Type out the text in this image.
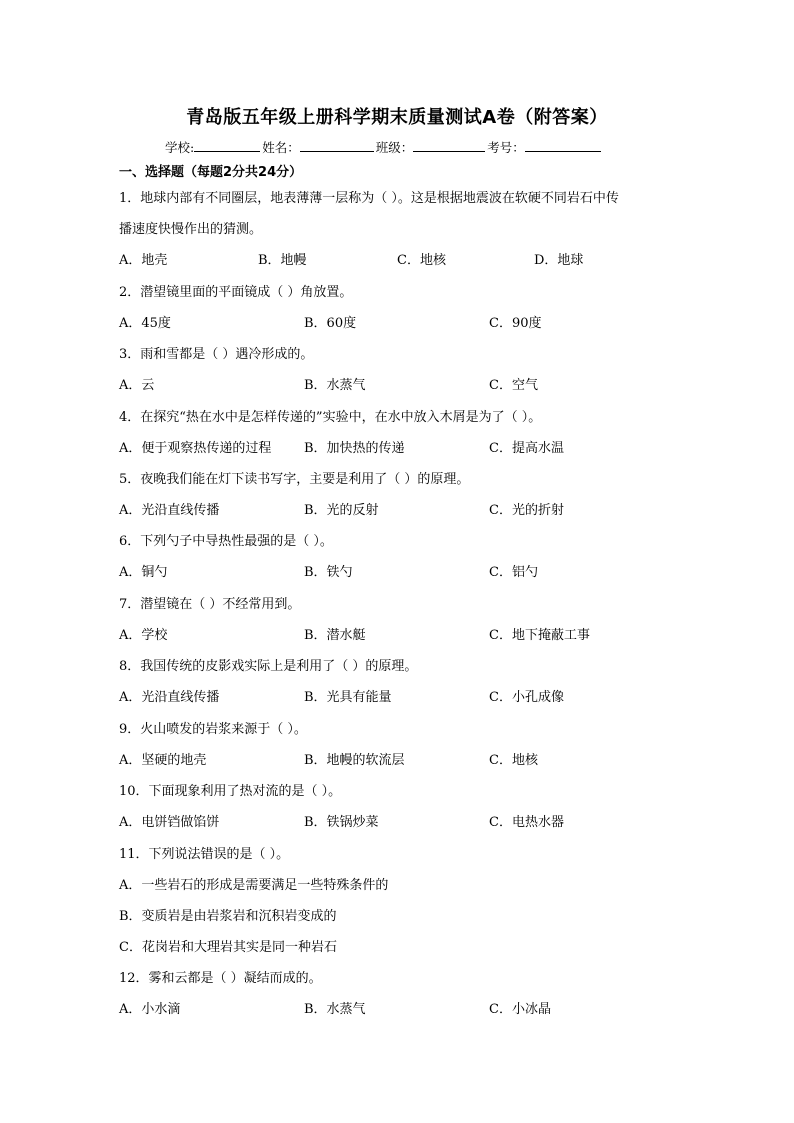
青岛版五年级上册科学期末质量测试A卷（附答案）
学校:	姓名：	班级：	考号：
一、选择题（每题2分共24分）
1．地球内部有不同圈层，地表薄薄一层称为（ ）。这是根据地震波在软硬不同岩石中传
播速度快慢作出的猜测。
A．地壳	B．地幔	C．地核	D．地球
2．潜望镜里面的平面镜成（ ）角放置。
A．45度	B．60度	C．90度
3．雨和雪都是（ ）遇冷形成的。
A．云	B．水蒸气	C．空气
4．在探究“热在水中是怎样传递的”实验中，在水中放入木屑是为了（ ）。
A．便于观察热传递的过程	B．加快热的传递	C．提高水温
5．夜晚我们能在灯下读书写字，主要是利用了（ ）的原理。
A．光沿直线传播	B．光的反射	C．光的折射
6．下列勺子中导热性最强的是（ ）。
A．铜勺	B．铁勺	C．铝勺
7．潜望镜在（ ）不经常用到。
A．学校	B．潜水艇	C．地下掩蔽工事
8．我国传统的皮影戏实际上是利用了（ ）的原理。
A．光沿直线传播	B．光具有能量	C．小孔成像
9．火山喷发的岩浆来源于（ ）。
A．坚硬的地壳	B．地幔的软流层	C．地核
10．下面现象利用了热对流的是（ ）。
A．电饼铛做馅饼	B．铁锅炒菜	C．电热水器
11．下列说法错误的是（ ）。
A．一些岩石的形成是需要满足一些特殊条件的
B．变质岩是由岩浆岩和沉积岩变成的
C．花岗岩和大理岩其实是同一种岩石
12．雾和云都是（ ）凝结而成的。
A．小水滴	B．水蒸气	C．小冰晶
